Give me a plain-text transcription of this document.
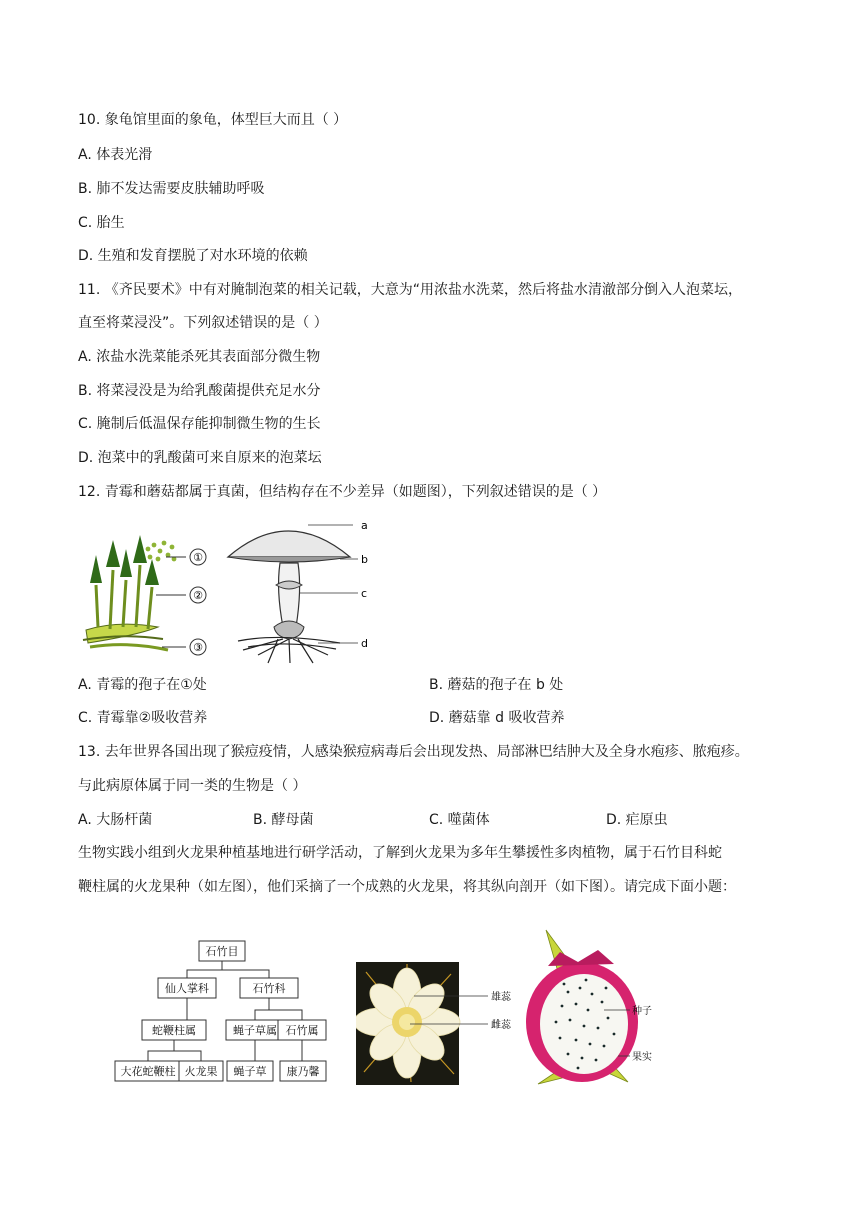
10. 象龟馆里面的象龟，体型巨大而且（ ）
A. 体表光滑
B. 肺不发达需要皮肤辅助呼吸
C. 胎生
D. 生殖和发育摆脱了对水环境的依赖
11. 《齐民要术》中有对腌制泡菜的相关记载，大意为“用浓盐水洗菜，然后将盐水清澈部分倒入人泡菜坛，
直至将菜浸没”。下列叙述错误的是（ ）
A. 浓盐水洗菜能杀死其表面部分微生物
B. 将菜浸没是为给乳酸菌提供充足水分
C. 腌制后低温保存能抑制微生物的生长
D. 泡菜中的乳酸菌可来自原来的泡菜坛
12. 青霉和蘑菇都属于真菌，但结构存在不少差异（如题图），下列叙述错误的是（ ）
①
②
③
a
b
c
d
A. 青霉的孢子在①处	B. 蘑菇的孢子在 b 处
C. 青霉靠②吸收营养	D. 蘑菇靠 d 吸收营养
13. 去年世界各国出现了猴痘疫情，人感染猴痘病毒后会出现发热、局部淋巴结肿大及全身水疱疹、脓疱疹。
与此病原体属于同一类的生物是（ ）
A. 大肠杆菌	B. 酵母菌	C. 噬菌体	D. 疟原虫
生物实践小组到火龙果种植基地进行研学活动，了解到火龙果为多年生攀援性多肉植物，属于石竹目科蛇
鞭柱属的火龙果种（如左图），他们采摘了一个成熟的火龙果，将其纵向剖开（如下图）。请完成下面小题：
石竹目
仙人掌科	石竹科
蛇鞭柱属	蝇子草属 石竹属
大花蛇鞭柱 火龙果 蝇子草 康乃馨
雄蕊
雌蕊
种子
果实
